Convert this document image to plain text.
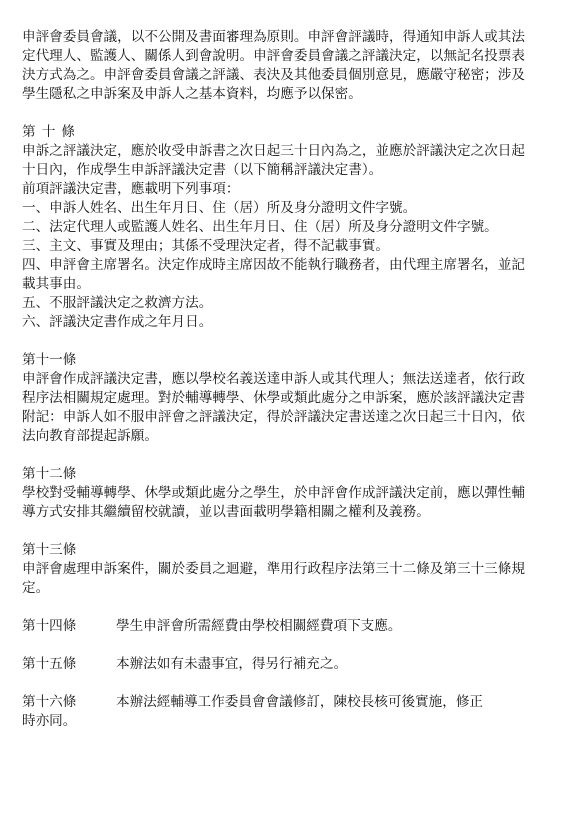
申評會委員會議，以不公開及書面審理為原則。申評會評議時，得通知申訴人或其法定代理人、監護人、關係人到會說明。申評會委員會議之評議決定，以無記名投票表決方式為之。申評會委員會議之評議、表決及其他委員個別意見，應嚴守秘密；涉及學生隱私之申訴案及申訴人之基本資料，均應予以保密。

第十條

申訴之評議決定，應於收受申訴書之次日起三十日內為之，並應於評議決定之次日起十日內，作成學生申訴評議決定書（以下簡稱評議決定書）。

前項評議決定書，應載明下列事項：

一、申訴人姓名、出生年月日、住（居）所及身分證明文件字號。

二、法定代理人或監護人姓名、出生年月日、住（居）所及身分證明文件字號。

三、主文、事實及理由；其係不受理決定者，得不記載事實。

四、申評會主席署名。決定作成時主席因故不能執行職務者，由代理主席署名，並記載其事由。

五、不服評議決定之救濟方法。

六、評議決定書作成之年月日。

第十一條

申評會作成評議決定書，應以學校名義送達申訴人或其代理人；無法送達者，依行政程序法相關規定處理。對於輔導轉學、休學或類此處分之申訴案，應於該評議決定書附記：申訴人如不服申評會之評議決定，得於評議決定書送達之次日起三十日內，依法向教育部提起訴願。

第十二條

學校對受輔導轉學、休學或類此處分之學生，於申評會作成評議決定前，應以彈性輔導方式安排其繼續留校就讀，並以書面載明學籍相關之權利及義務。

第十三條

申評會處理申訴案件，關於委員之迴避，準用行政程序法第三十二條及第三十三條規定。

第十四條	學生申評會所需經費由學校相關經費項下支應。
第十五條	本辦法如有未盡事宜，得另行補充之。
第十六條	本辦法經輔導工作委員會會議修訂，陳校長核可後實施，修正

時亦同。
